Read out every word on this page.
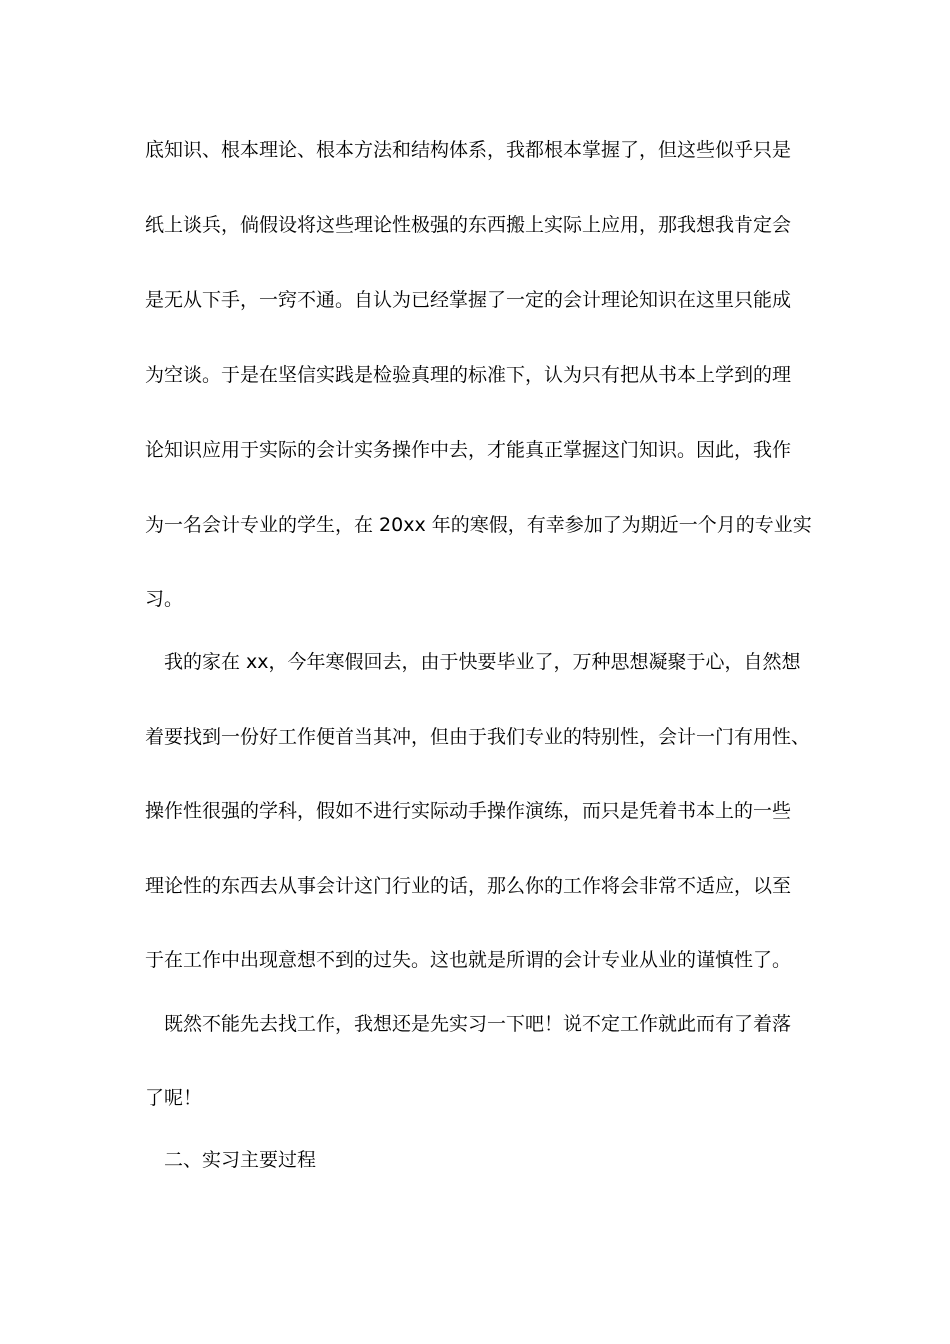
底知识、根本理论、根本方法和结构体系，我都根本掌握了，但这些似乎只是
纸上谈兵，倘假设将这些理论性极强的东西搬上实际上应用，那我想我肯定会
是无从下手，一窍不通。自认为已经掌握了一定的会计理论知识在这里只能成
为空谈。于是在坚信实践是检验真理的标准下，认为只有把从书本上学到的理
论知识应用于实际的会计实务操作中去，才能真正掌握这门知识。因此，我作
为一名会计专业的学生，在 20xx 年的寒假，有幸参加了为期近一个月的专业实
习。
我的家在 xx，今年寒假回去，由于快要毕业了，万种思想凝聚于心，自然想
着要找到一份好工作便首当其冲，但由于我们专业的特别性，会计一门有用性、
操作性很强的学科，假如不进行实际动手操作演练，而只是凭着书本上的一些
理论性的东西去从事会计这门行业的话，那么你的工作将会非常不适应，以至
于在工作中出现意想不到的过失。这也就是所谓的会计专业从业的谨慎性了。
既然不能先去找工作，我想还是先实习一下吧！说不定工作就此而有了着落
了呢！
二、实习主要过程
